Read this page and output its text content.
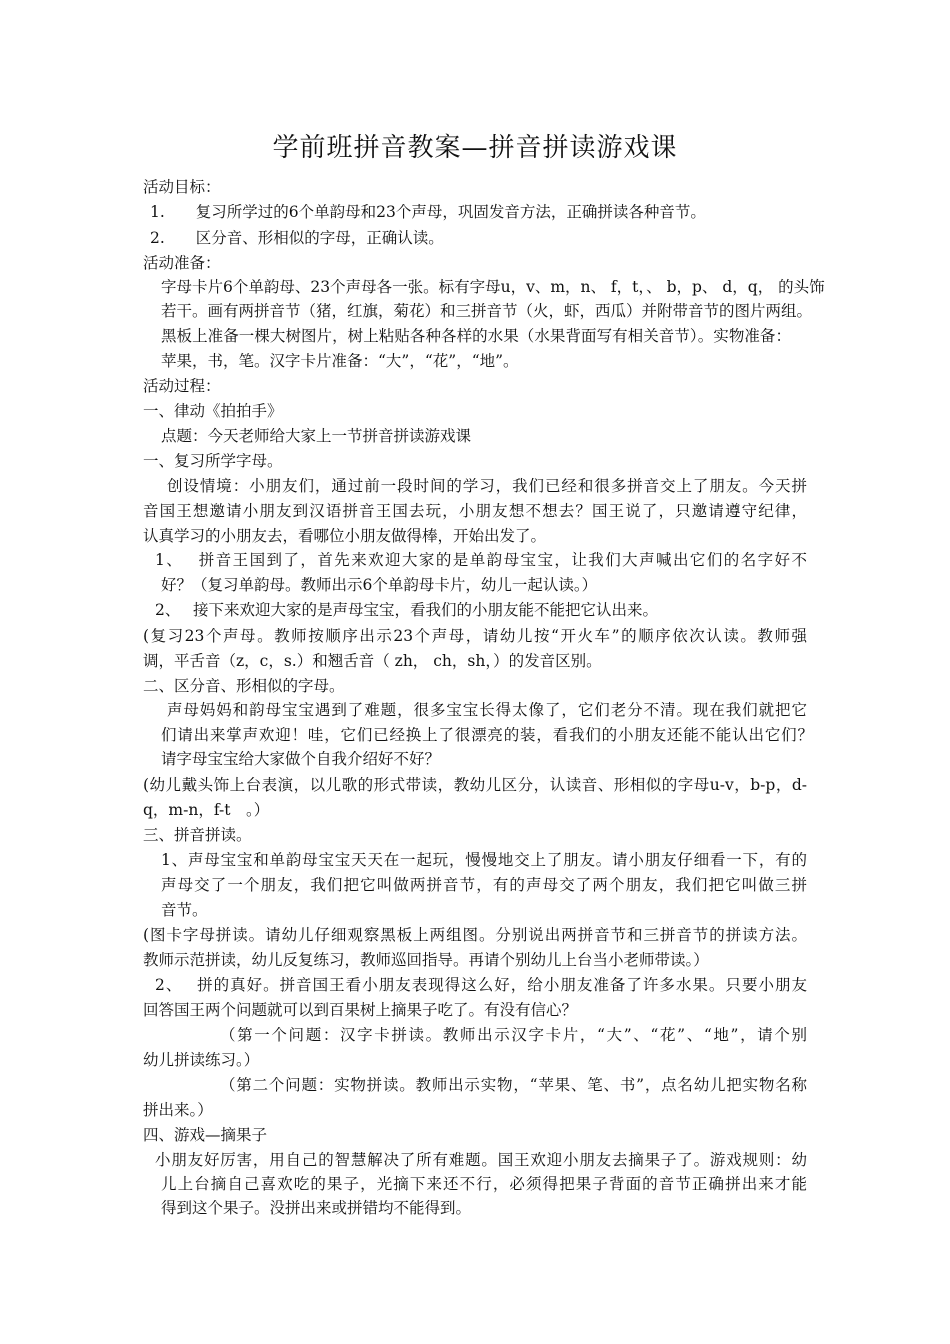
学前班拼音教案—拼音拼读游戏课
活动目标：
1.　　复习所学过的6个单韵母和23个声母，巩固发音方法，正确拼读各种音节。
2.　　区分音、形相似的字母，正确认读。
活动准备：
字母卡片6个单韵母、23个声母各一张。标有字母u，v、m，n、 f，t，、 b，p、 d，q， 的头饰
若干。画有两拼音节（猪，红旗，菊花）和三拼音节（火，虾，西瓜）并附带音节的图片两组。
黑板上准备一棵大树图片，树上粘贴各种各样的水果（水果背面写有相关音节）。实物准备：
苹果，书，笔。汉字卡片准备：“大”，“花”，“地”。
活动过程：
一、律动《拍拍手》
点题：今天老师给大家上一节拼音拼读游戏课
一、复习所学字母。
创设情境：小朋友们，通过前一段时间的学习，我们已经和很多拼音交上了朋友。今天拼
音国王想邀请小朋友到汉语拼音王国去玩，小朋友想不想去？国王说了，只邀请遵守纪律，
认真学习的小朋友去，看哪位小朋友做得棒，开始出发了。
1、　 拼音王国到了，首先来欢迎大家的是单韵母宝宝，让我们大声喊出它们的名字好不
好？（复习单韵母。教师出示6个单韵母卡片，幼儿一起认读。）
2、　 接下来欢迎大家的是声母宝宝，看我们的小朋友能不能把它认出来。
(复习23个声母。教师按顺序出示23个声母，请幼儿按“开火车”的顺序依次认读。教师强
调，平舌音（z，c，s.）和翘舌音（ zh， ch，sh，）的发音区别。
二、区分音、形相似的字母。
声母妈妈和韵母宝宝遇到了难题，很多宝宝长得太像了，它们老分不清。现在我们就把它
们请出来掌声欢迎！哇，它们已经换上了很漂亮的装，看我们的小朋友还能不能认出它们？
请字母宝宝给大家做个自我介绍好不好？
(幼儿戴头饰上台表演，以儿歌的形式带读，教幼儿区分，认读音、形相似的字母u-v，b-p，d-
q，m-n，f-t　。）
三、拼音拼读。
1、声母宝宝和单韵母宝宝天天在一起玩，慢慢地交上了朋友。请小朋友仔细看一下，有的
声母交了一个朋友，我们把它叫做两拼音节，有的声母交了两个朋友，我们把它叫做三拼
音节。
(图卡字母拼读。请幼儿仔细观察黑板上两组图。分别说出两拼音节和三拼音节的拼读方法。
教师示范拼读，幼儿反复练习，教师巡回指导。再请个别幼儿上台当小老师带读。）
2、　 拼的真好。拼音国王看小朋友表现得这么好，给小朋友准备了许多水果。只要小朋友
回答国王两个问题就可以到百果树上摘果子吃了。有没有信心？
（第一个问题：汉字卡拼读。教师出示汉字卡片，“大”、“花”、“地”，请个别
幼儿拼读练习。）
（第二个问题：实物拼读。教师出示实物，“苹果、笔、书”，点名幼儿把实物名称
拼出来。）
四、游戏—摘果子
小朋友好厉害，用自己的智慧解决了所有难题。国王欢迎小朋友去摘果子了。游戏规则：幼
儿上台摘自己喜欢吃的果子，光摘下来还不行，必须得把果子背面的音节正确拼出来才能
得到这个果子。没拼出来或拼错均不能得到。
